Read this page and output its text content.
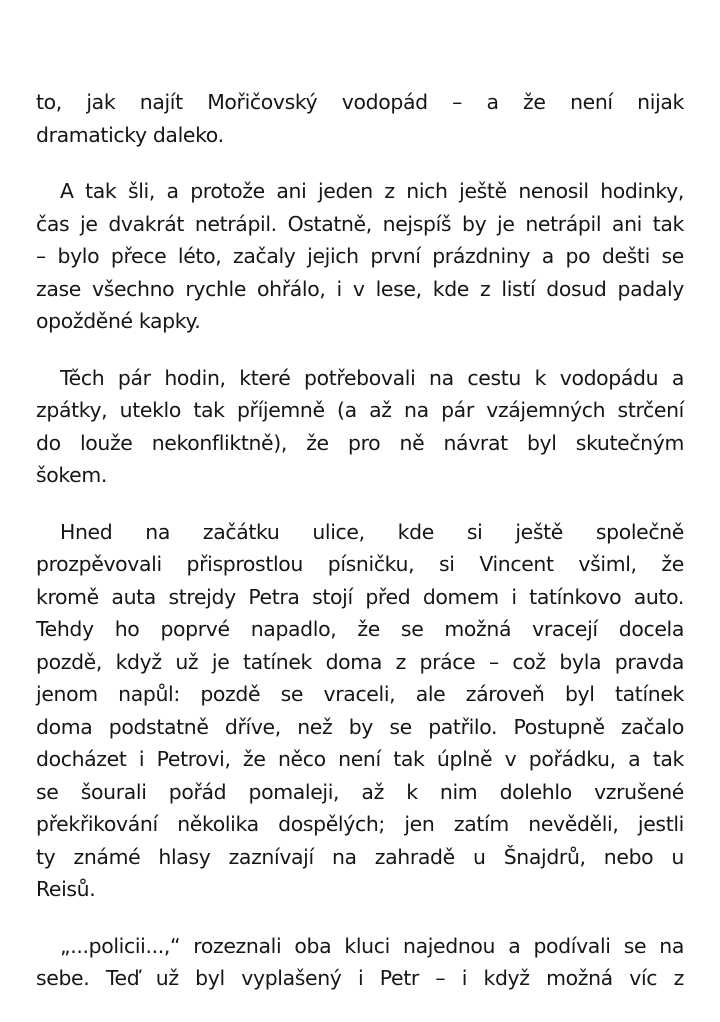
to, jak najít Mořičovský vodopád – a že není nijak
dramaticky daleko.
A tak šli, a protože ani jeden z nich ještě nenosil hodinky,
čas je dvakrát netrápil. Ostatně, nejspíš by je netrápil ani tak
– bylo přece léto, začaly jejich první prázdniny a po dešti se
zase všechno rychle ohřálo, i v lese, kde z listí dosud padaly
opožděné kapky.
Těch pár hodin, které potřebovali na cestu k vodopádu a
zpátky, uteklo tak příjemně (a až na pár vzájemných strčení
do louže nekonfliktně), že pro ně návrat byl skutečným
šokem.
Hned na začátku ulice, kde si ještě společně
prozpěvovali přisprostlou písničku, si Vincent všiml, že
kromě auta strejdy Petra stojí před domem i tatínkovo auto.
Tehdy ho poprvé napadlo, že se možná vracejí docela
pozdě, když už je tatínek doma z práce – což byla pravda
jenom napůl: pozdě se vraceli, ale zároveň byl tatínek
doma podstatně dříve, než by se patřilo. Postupně začalo
docházet i Petrovi, že něco není tak úplně v pořádku, a tak
se šourali pořád pomaleji, až k nim dolehlo vzrušené
překřikování několika dospělých; jen zatím nevěděli, jestli
ty známé hlasy zaznívají na zahradě u Šnajdrů, nebo u
Reisů.
„...policii...,“ rozeznali oba kluci najednou a podívali se na
sebe. Teď už byl vyplašený i Petr – i když možná víc z
